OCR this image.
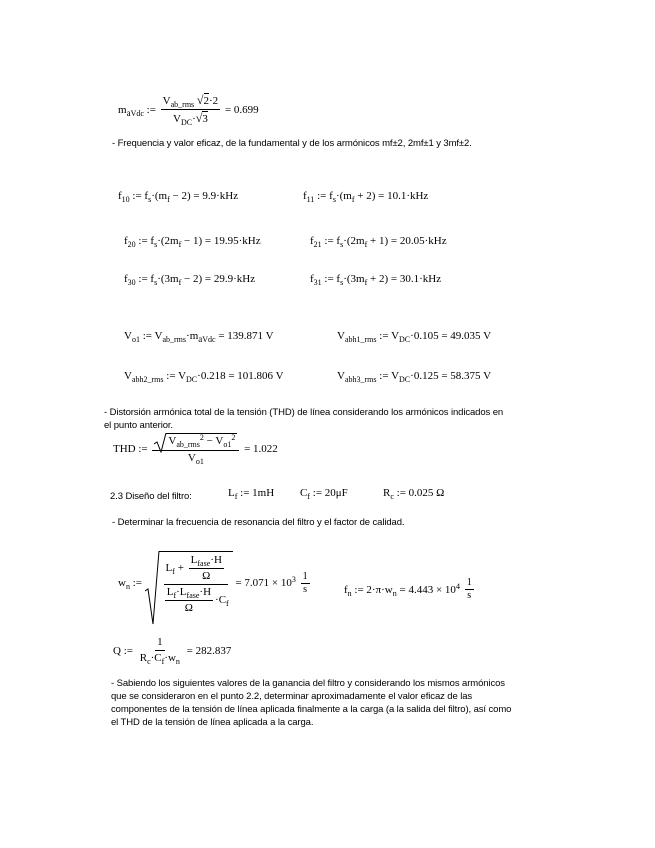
$m_{aVdc}$ := $\frac{V_{ab\_rms} √2\cdot 2}{V_{DC}\cdot√3} = 0.699$
- Frequencia y valor eficaz, de la fundamental y de los armónicos mf±2, 2mf±1 y 3mf±2.
$f_{10}$ := $f_s\cdot(m_f - 2) = 9.9\cdot kHz$	$f_{11}$ := $f_s\cdot(m_f + 2) = 10.1\cdot kHz$
$f_{20}$ := $f_s\cdot(2m_f - 1) = 19.95\cdot kHz$	$f_{21}$ := $f_s\cdot(2m_f + 1) = 20.05\cdot kHz$
$f_{30}$ := $f_s\cdot(3m_f - 2) = 29.9\cdot kHz$	$f_{31}$ := $f_s\cdot(3m_f + 2) = 30.1\cdot kHz$
$V_{o1}$ := $V_{ab\_rms}\cdot m_{aVdc} = 139.871$ V	$V_{abh1\_rms}$ := $V_{DC}\cdot 0.105 = 49.035$ V
$V_{abh2\_rms}$ := $V_{DC}\cdot 0.218 = 101.806$ V	$V_{abh3\_rms}$ := $V_{DC}\cdot 0.125 = 58.375$ V
- Distorsión armónica total de la tensión (THD) de línea considerando los armónicos indicados en
el punto anterior.
THD := $\frac{V_{ab\_rms}^2 - V_{o1}^2}{V_{o1}} = 1.022$
2.3 Diseño del filtro:	$L_f$ := 1mH $C_f$ := 20μF	$R_c$ := 0.025 Ω
- Determinar la frecuencia de resonancia del filtro y el factor de calidad.
$w_n$ := $\frac{L_f + \frac{L_{fase}\cdot H}{\Omega}}{\frac{L_f\cdot L_{fase}\cdot H}{\Omega} \cdot C_f} = 7.071 \times 10^3 \frac{1}{s}$	$f_n$ := $2\cdot\pi\cdot w_n = 4.443 \times 10^4 \frac{1}{s}$
Q := $\frac{1}{R_c\cdot C_f\cdot w_n} = 282.837$
- Sabiendo los siguientes valores de la ganancia del filtro y considerando los mismos armónicos
que se consideraron en el punto 2.2, determinar aproximadamente el valor eficaz de las
componentes de la tensión de línea aplicada finalmente a la carga (a la salida del filtro), así como
el THD de la tensión de línea aplicada a la carga.
